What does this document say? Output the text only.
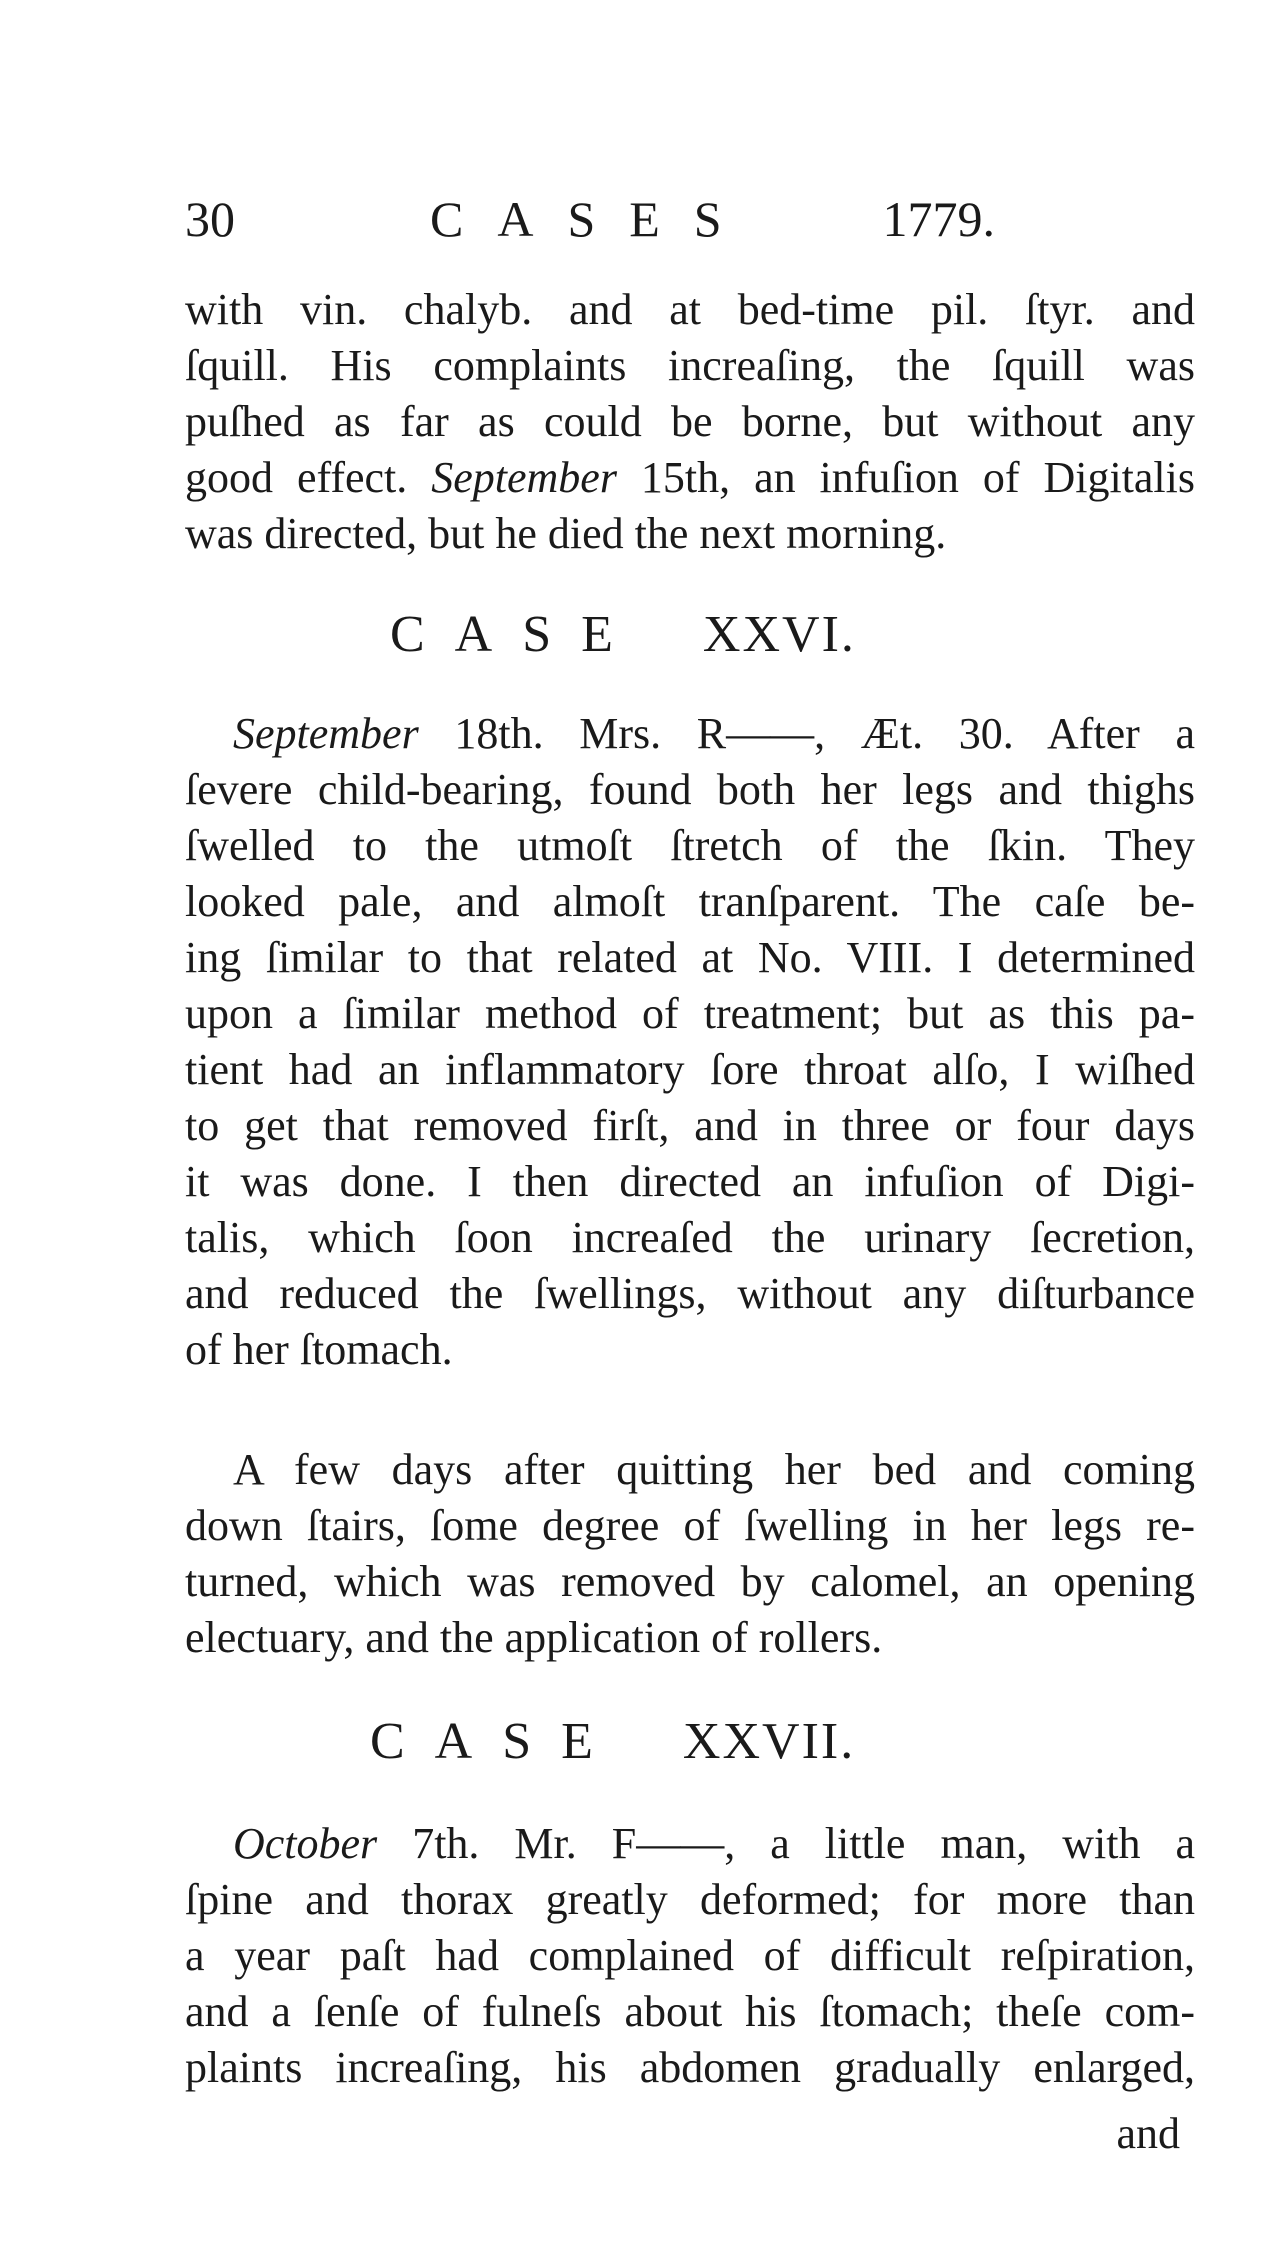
30	CASES	1779.
with vin. chalyb. and at bed-time pil. ſtyr. and
ſquill. His complaints increaſing, the ſquill was
puſhed as far as could be borne, but without any
good effect. September 15th, an infuſion of Digitalis
was directed, but he died the next morning.
CASE XXVI.
September 18th. Mrs. R——, Æt. 30. After a
ſevere child-bearing, found both her legs and thighs
ſwelled to the utmoſt ſtretch of the ſkin. They
looked pale, and almoſt tranſparent. The caſe be-
ing ſimilar to that related at No. VIII. I determined
upon a ſimilar method of treatment; but as this pa-
tient had an inflammatory ſore throat alſo, I wiſhed
to get that removed firſt, and in three or four days
it was done. I then directed an infuſion of Digi-
talis, which ſoon increaſed the urinary ſecretion,
and reduced the ſwellings, without any diſturbance
of her ſtomach.
A few days after quitting her bed and coming
down ſtairs, ſome degree of ſwelling in her legs re-
turned, which was removed by calomel, an opening
electuary, and the application of rollers.
CASE XXVII.
October 7th. Mr. F——, a little man, with a
ſpine and thorax greatly deformed; for more than
a year paſt had complained of difficult reſpiration,
and a ſenſe of fulneſs about his ſtomach; theſe com-
plaints increaſing, his abdomen gradually enlarged,
and
